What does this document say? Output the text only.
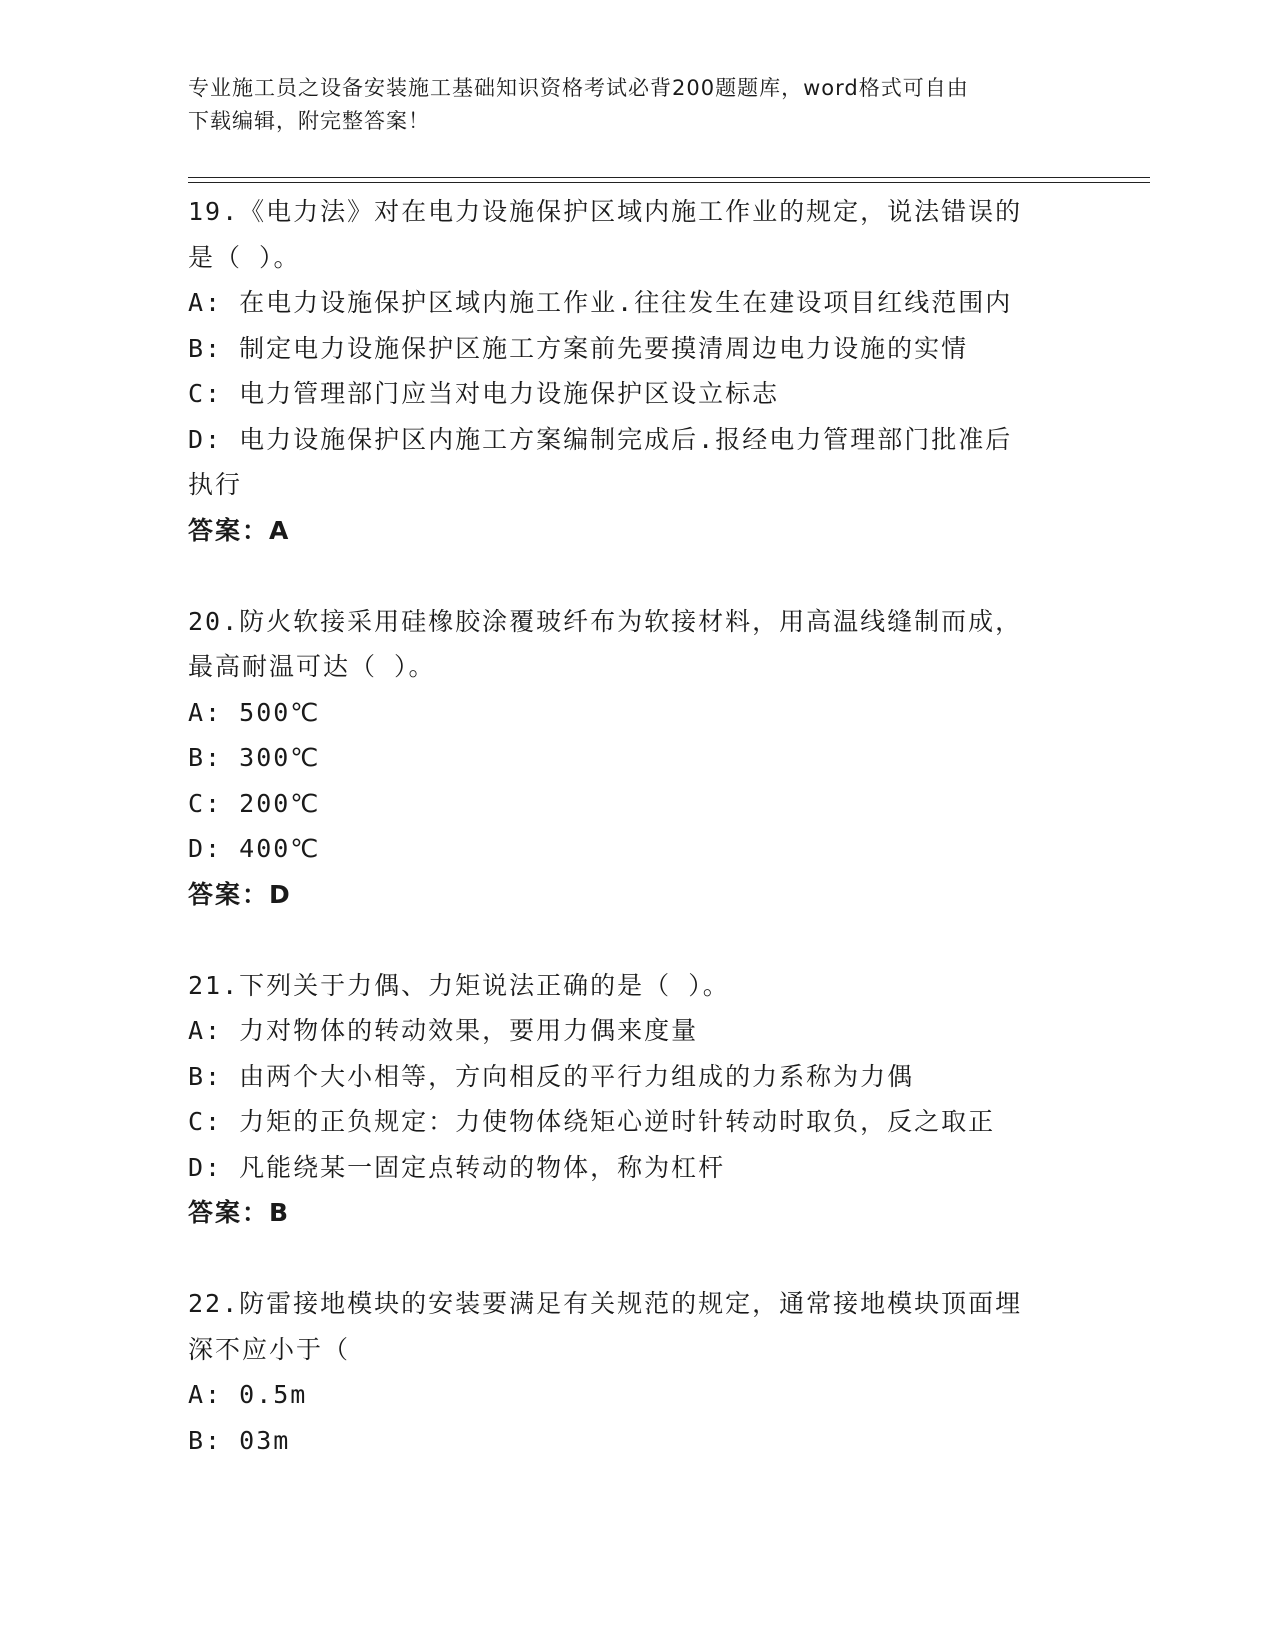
专业施工员之设备安装施工基础知识资格考试必背200题题库，word格式可自由
下载编辑，附完整答案！
19.《电力法》对在电力设施保护区域内施工作业的规定，说法错误的
是（ ）。
A: 在电力设施保护区域内施工作业.往往发生在建设项目红线范围内
B: 制定电力设施保护区施工方案前先要摸清周边电力设施的实情
C: 电力管理部门应当对电力设施保护区设立标志
D: 电力设施保护区内施工方案编制完成后.报经电力管理部门批准后
执行
答案：A
20.防火软接采用硅橡胶涂覆玻纤布为软接材料，用高温线缝制而成，
最高耐温可达（ ）。
A: 500℃
B: 300℃
C: 200℃
D: 400℃
答案：D
21.下列关于力偶、力矩说法正确的是（ ）。
A: 力对物体的转动效果，要用力偶来度量
B: 由两个大小相等，方向相反的平行力组成的力系称为力偶
C: 力矩的正负规定：力使物体绕矩心逆时针转动时取负，反之取正
D: 凡能绕某一固定点转动的物体，称为杠杆
答案：B
22.防雷接地模块的安装要满足有关规范的规定，通常接地模块顶面埋
深不应小于（
A: 0.5m
B: 03m
